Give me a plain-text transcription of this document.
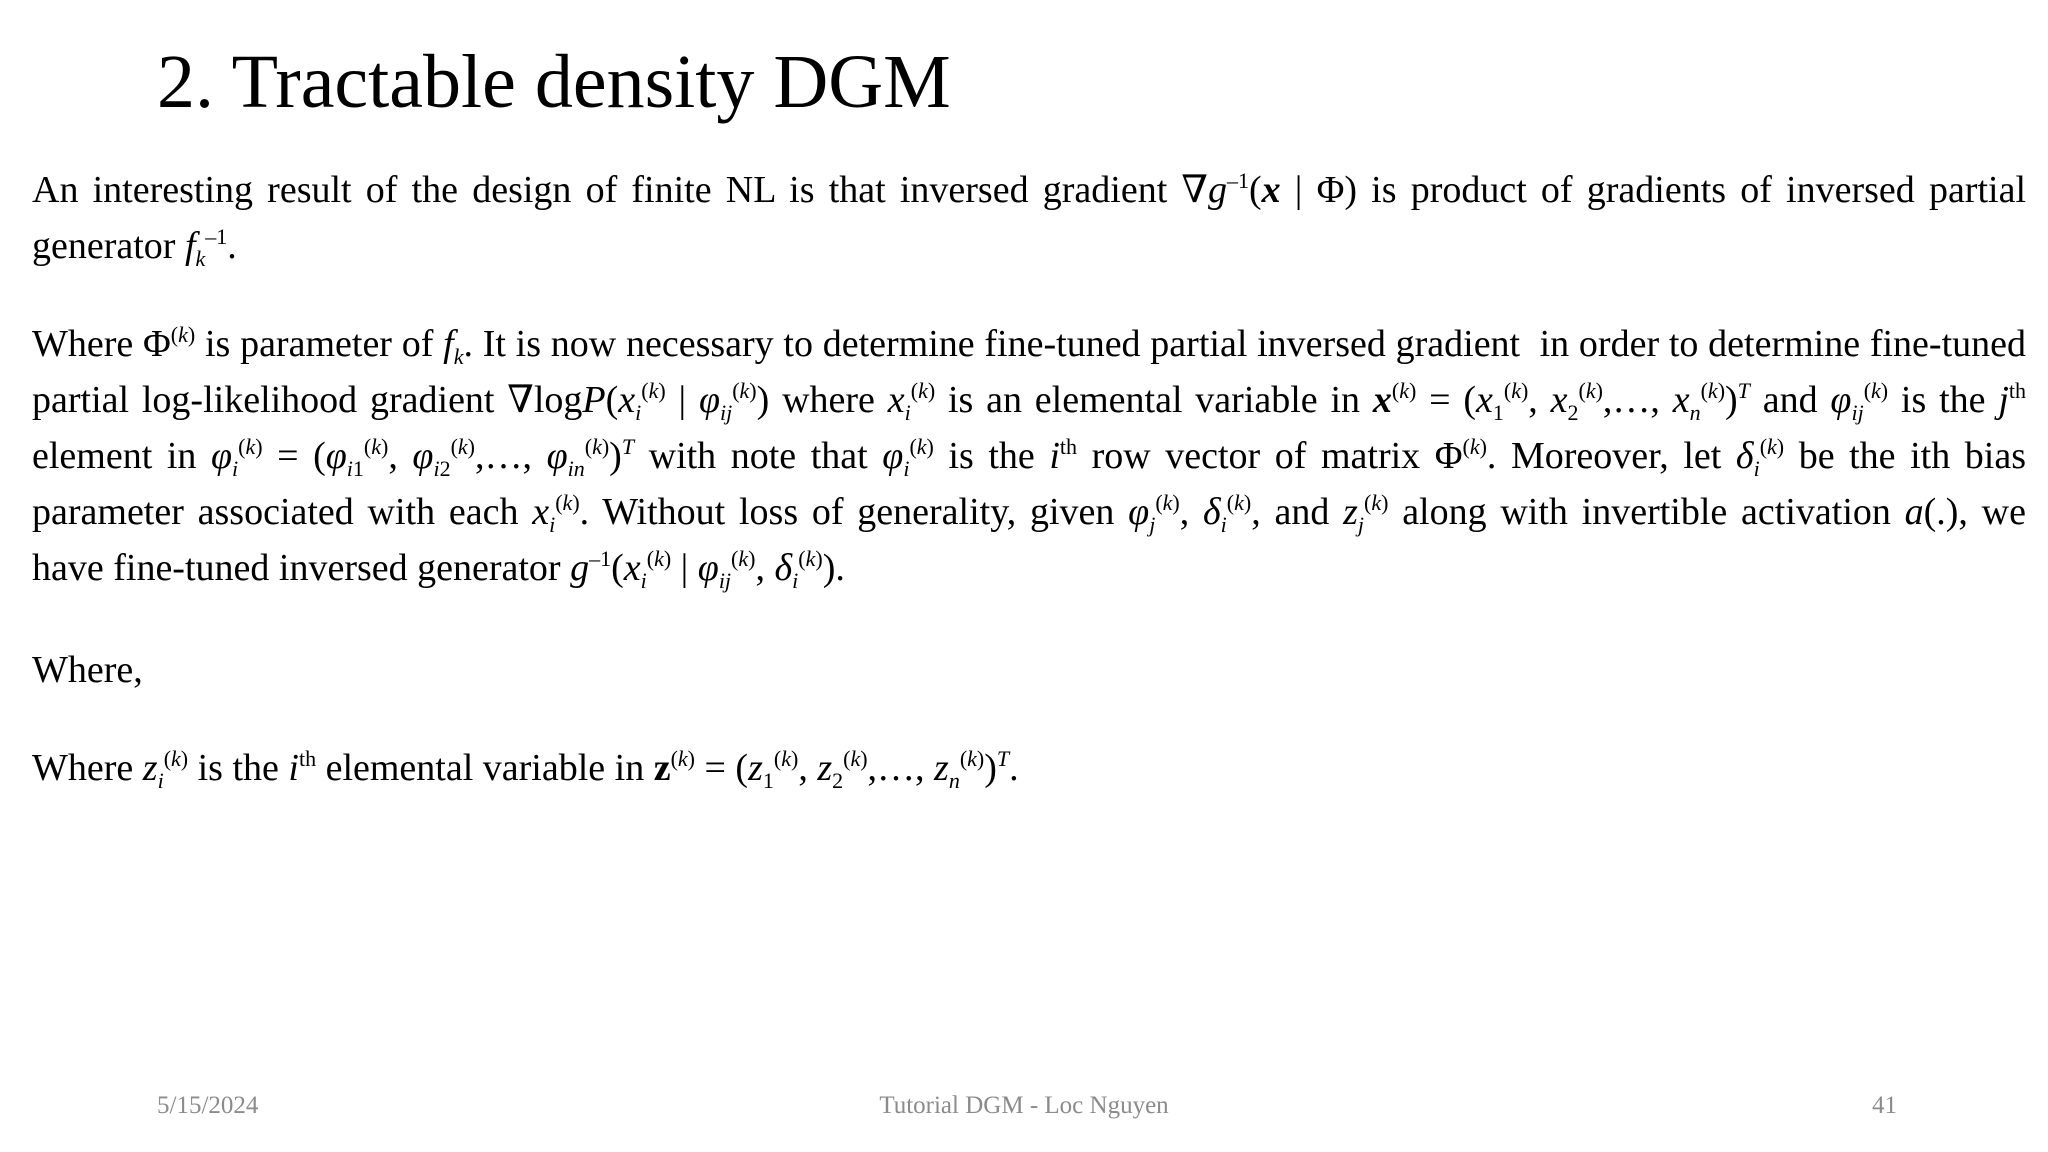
2. Tractable density DGM
An interesting result of the design of finite NL is that inversed gradient $\nabla g^{-1}(x$ | Φ) is product of gradients of inversed partial generator $f_k^{-1}$.
Where $\Phi^{(k)}$ is parameter of $f_k$. It is now necessary to determine fine-tuned partial inversed gradient  in order to determine fine-tuned partial log-likelihood gradient $\nabla\log P(x_i^{(k)}$ | $\varphi_{ij}^{(k)}$) where $x_i^{(k)}$ is an elemental variable in $x^{(k)} = (x_1^{(k)}$, $x_2^{(k)},\dots$, $x_n^{(k)})^T$ and $\varphi_{ij}^{(k)}$ is the $j^{th}$ element in $\varphi_i^{(k)} = (\varphi_{i1}^{(k)}$, $\varphi_{i2}^{(k)},\dots$, $\varphi_{in}^{(k)})^T$ with note that $\varphi_i^{(k)}$ is the $i^{th}$ row vector of matrix $\Phi^{(k)}$. Moreover, let $\delta_i^{(k)}$ be the ith bias parameter associated with each $x_i^{(k)}$. Without loss of generality, given $\varphi_j^{(k)}$, $\delta_i^{(k)}$, and $z_j^{(k)}$ along with invertible activation a(.), we have fine-tuned inversed generator $g^{-1}(x_i^{(k)}$ | $\varphi_{ij}^{(k)}$, $\delta_i^{(k)}$).
Where,
Where $z_i^{(k)}$ is the $i^{th}$ elemental variable in $z^{(k)} = (z_1^{(k)}$, $z_2^{(k)},\dots$, $z_n^{(k)})^T$.
5/15/2024	Tutorial DGM - Loc Nguyen	41
